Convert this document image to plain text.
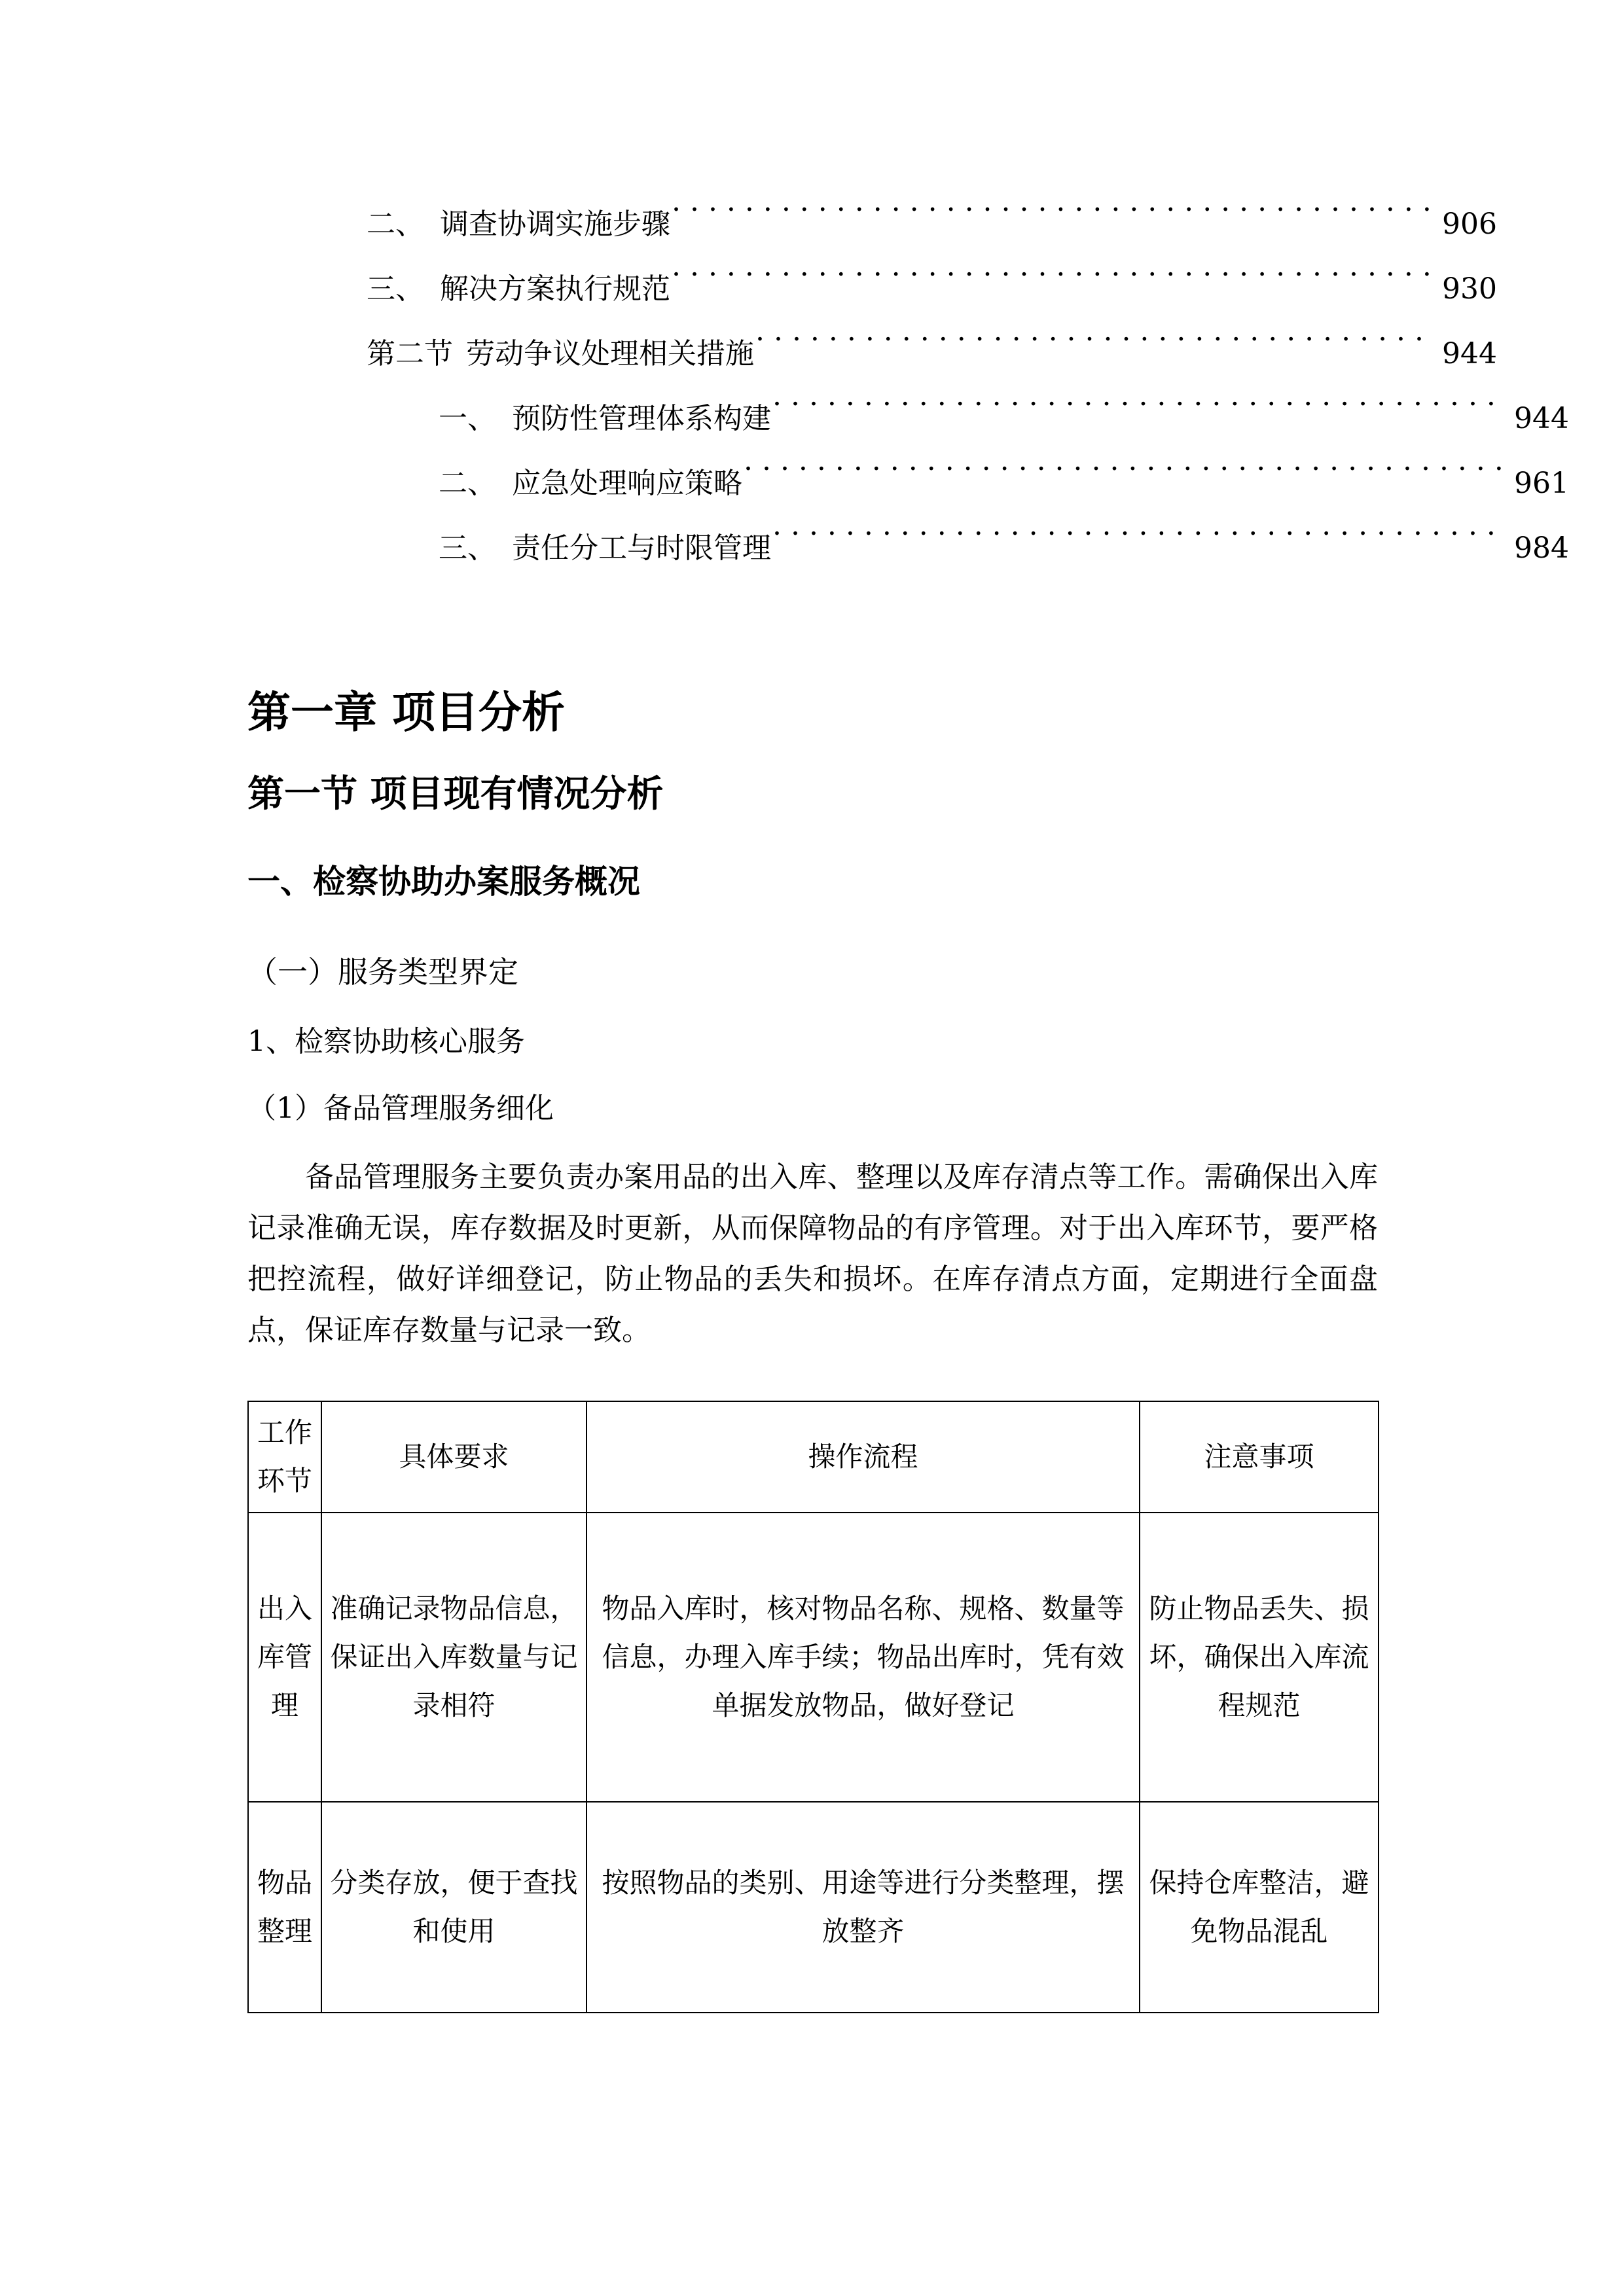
二、 调查协调实施步骤 . . .	906
三、 解决方案执行规范 . . .	930
第二节 劳动争议处理相关措施 . . .	944
一、 预防性管理体系构建 . . .	944
二、 应急处理响应策略 . . .	961
三、 责任分工与时限管理 . . .	984
第一章 项目分析
第一节 项目现有情况分析
一、检察协助办案服务概况
（一）服务类型界定
1、检察协助核心服务
（1）备品管理服务细化
备品管理服务主要负责办案用品的出入库、整理以及库存清点等工作。需确保出入库记录准确无误，库存数据及时更新，从而保障物品的有序管理。对于出入库环节，要严格把控流程，做好详细登记，防止物品的丢失和损坏。在库存清点方面，定期进行全面盘点，保证库存数量与记录一致。
工作环节	具体要求	操作流程	注意事项
出入库管理	准确记录物品信息，保证出入库数量与记录相符	物品入库时，核对物品名称、规格、数量等信息，办理入库手续；物品出库时，凭有效单据发放物品，做好登记	防止物品丢失、损坏，确保出入库流程规范
物品整理	分类存放，便于查找和使用	按照物品的类别、用途等进行分类整理，摆放整齐	保持仓库整洁，避免物品混乱
